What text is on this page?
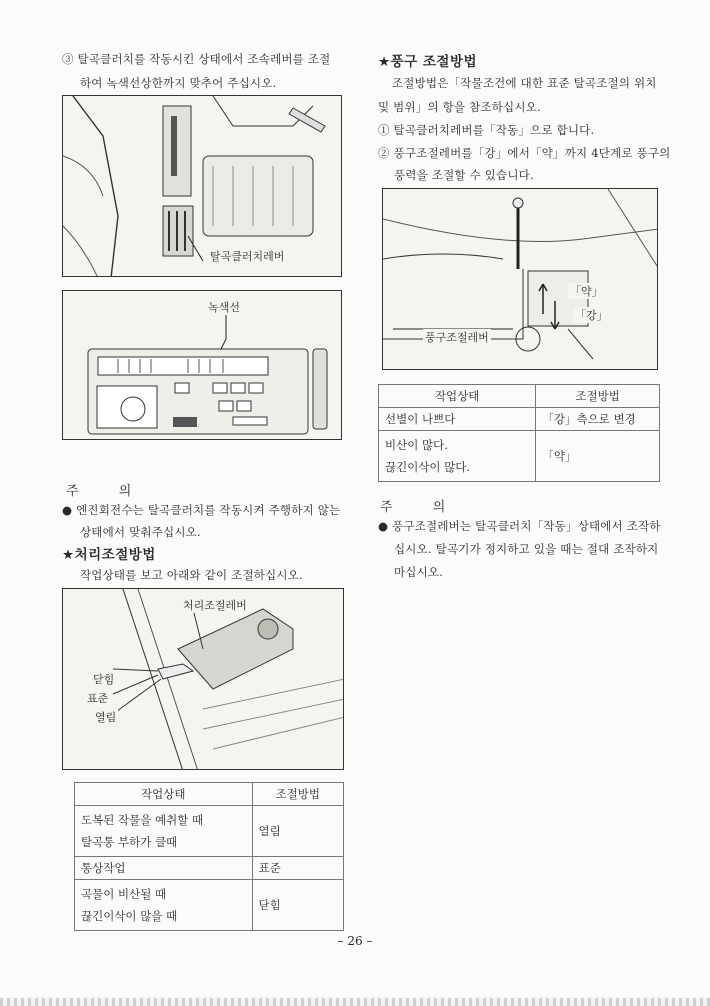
③ 탈곡클러치를 작동시킨 상태에서 조속레버를 조절
하여 녹색선상한까지 맞추어 주십시오.
탈곡클러치레버
녹색선
주 의
● 엔진회전수는 탈곡클러치를 작동시켜 주행하지 않는
상태에서 맞춰주십시오.
★처리조절방법
작업상태를 보고 아래와 같이 조절하십시오.
처리조절레버
닫힘
표준
열림
작업상태	조절방법

도복된 작물을 예취할 때
탈곡통 부하가 클때	열림
통상작업	표준

곡물이 비산될 때
끊긴이삭이 많을 때	닫힘
★풍구 조절방법
조절방법은「작물조건에 대한 표준 탈곡조절의 위치
및 범위」의 항을 참조하십시오.
① 탈곡클러치레버를「작동」으로 합니다.
② 풍구조절레버를「강」에서「약」까지 4단계로 풍구의
풍력을 조절할 수 있습니다.
「약」
「강」
풍구조절레버
작업상태	조절방법
선별이 나쁘다	「강」측으로 변경

비산이 많다.
끊긴이삭이 많다.	「약」
주 의
● 풍구조절레버는 탈곡클러치「작동」상태에서 조작하
십시오. 탈곡기가 정지하고 있을 때는 절대 조작하지
마십시오.
– 26 –
